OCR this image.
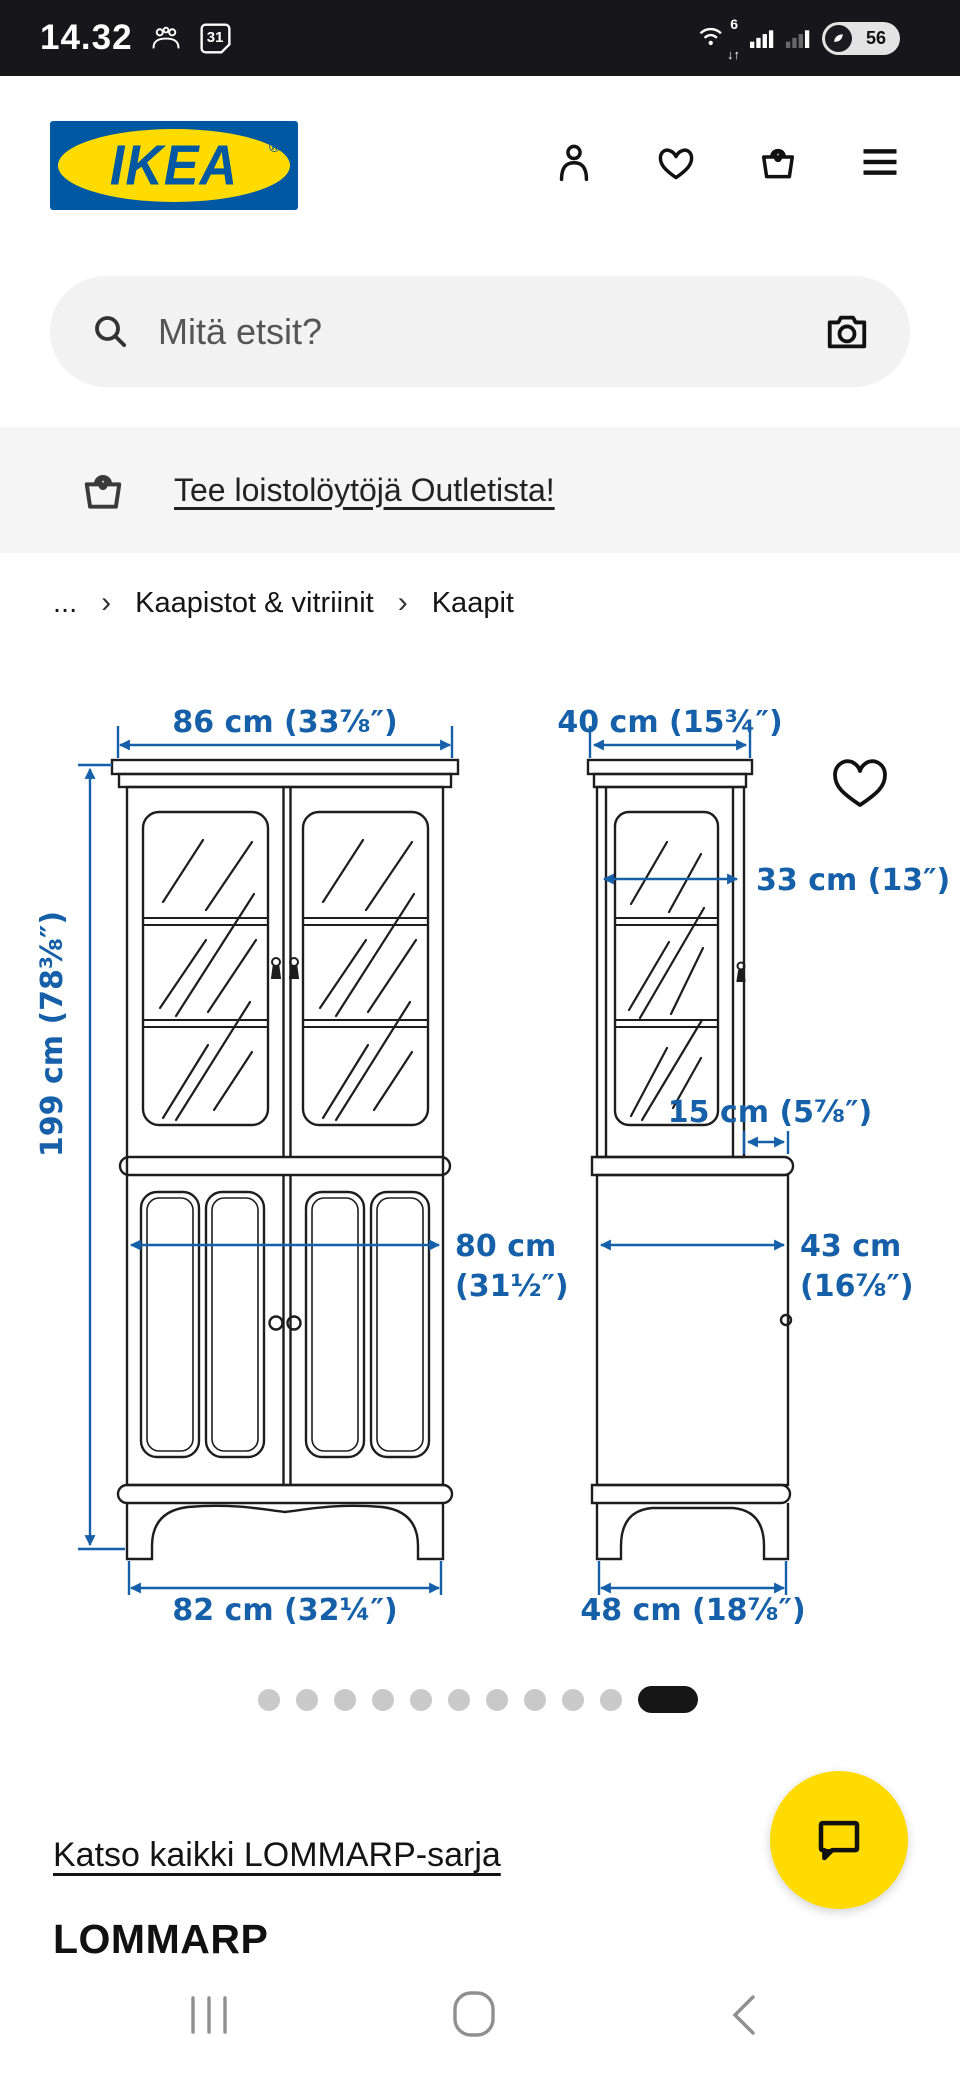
14.32	31
6
↓↑
56
IKEA ®
Mitä etsit?
Tee loistolöytöjä Outletista!
... › Kaapistot & vitriinit › Kaapit
86 cm (33⅞″)	40 cm (15¾″)
33 cm (13″)
15 cm (5⅞″)
199 cm (78⅜″)
80 cm
(31½″)
43 cm
(16⅞″)
82 cm (32¼″)	48 cm (18⅞″)
Katso kaikki LOMMARP-sarja
LOMMARP
